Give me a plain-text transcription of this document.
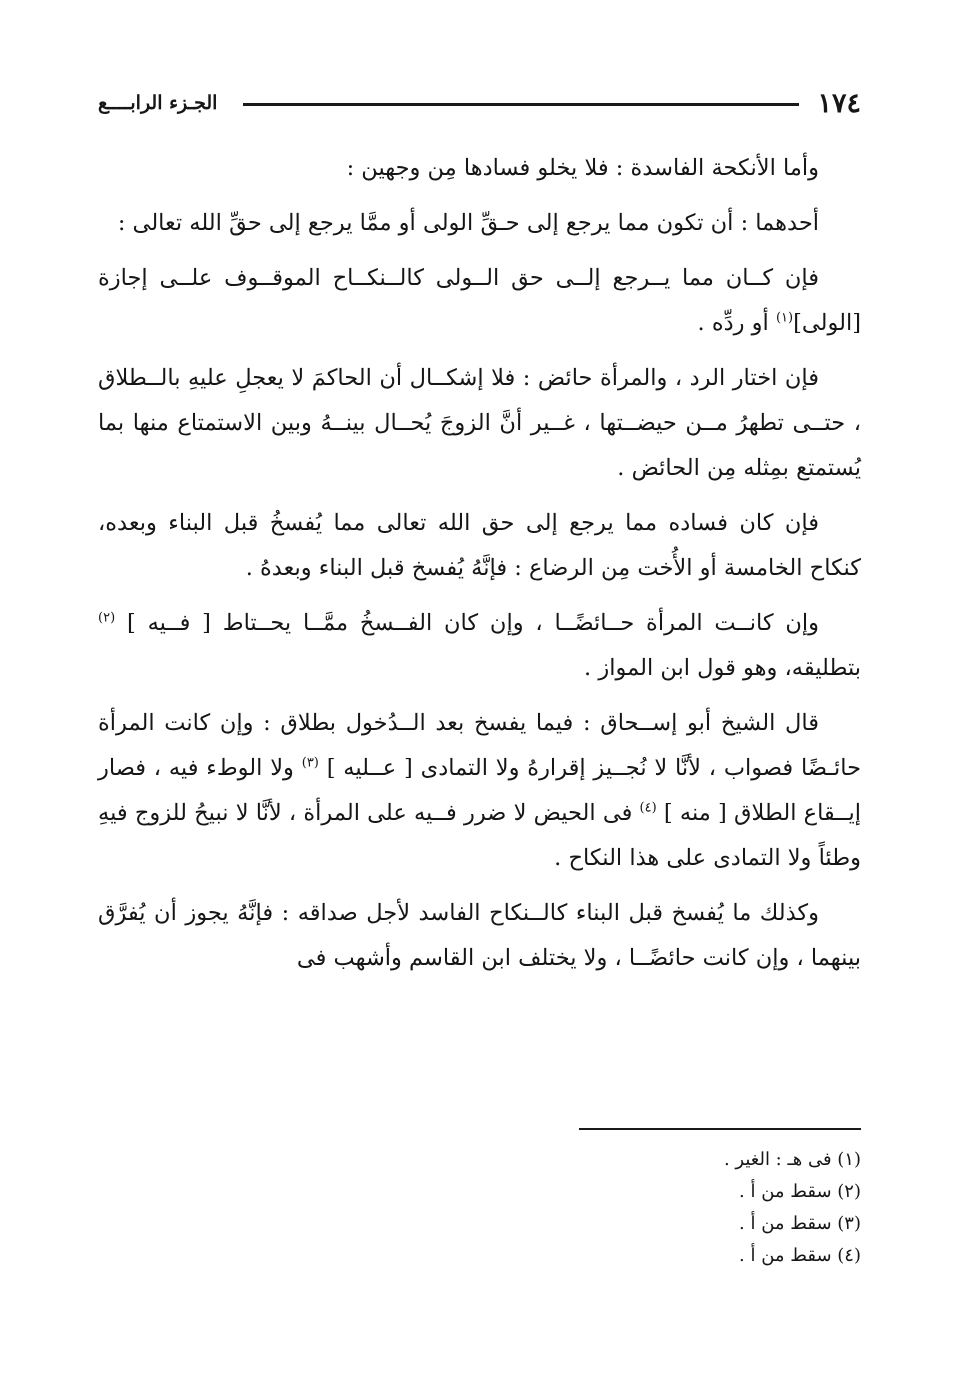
١٧٤
الجـزء الرابــــع

وأما الأنكحة الفاسدة : فلا يخلو فسادها مِن وجهين :

أحدهما : أن تكون مما يرجع إلى حـقِّ الولى أو ممَّا يرجع إلى حقِّ الله تعالى :

فإن كــان مما يــرجع إلــى حق الــولى كالــنكــاح الموقــوف علــى إجازة [الولى]$^{(١)}$ أو ردِّه .

فإن اختار الرد ، والمرأة حائض : فلا إشكــال أن الحاكمَ لا يعجلِ عليهِ بالــطلاق ، حتــى تطهرُ مــن حيضــتها ، غــير أنَّ الزوجَ يُحــال بينــهُ وبين الاستمتاع منها بما يُستمتع بمِثله مِن الحائض .

فإن كان فساده مما يرجع إلى حق الله تعالى مما يُفسخُ قبل البناء وبعده، كنكاح الخامسة أو الأُخت مِن الرضاع : فإنَّهُ يُفسخ قبل البناء وبعدهُ .

وإن كانــت المرأة حــائضًــا ، وإن كان الفــسخُ ممَّــا يحــتاط [ فــيه ] $^{(٢)}$ بتطليقه، وهو قول ابن المواز .

قال الشيخ أبو إســحاق : فيما يفسخ بعد الــدُخول بطلاق : وإن كانت المرأة حائـضًا فصواب ، لأنَّا لا نُجــيز إقرارهُ ولا التمادى [ عــليه ] $^{(٣)}$ ولا الوطء فيه ، فصار إيــقاع الطلاق [ منه ] $^{(٤)}$ فى الحيض لا ضرر فــيه على المرأة ، لأنَّا لا نبيحُ للزوج فيهِ وطئاً ولا التمادى على هذا النكاح .

وكذلك ما يُفسخ قبل البناء كالــنكاح الفاسد لأجل صداقه : فإنَّهُ يجوز أن يُفرَّق بينهما ، وإن كانت حائضًــا ، ولا يختلف ابن القاسم وأشهب فى

(١) فى هـ : الغير .
(٢) سقط من أ .
(٣) سقط من أ .
(٤) سقط من أ .
